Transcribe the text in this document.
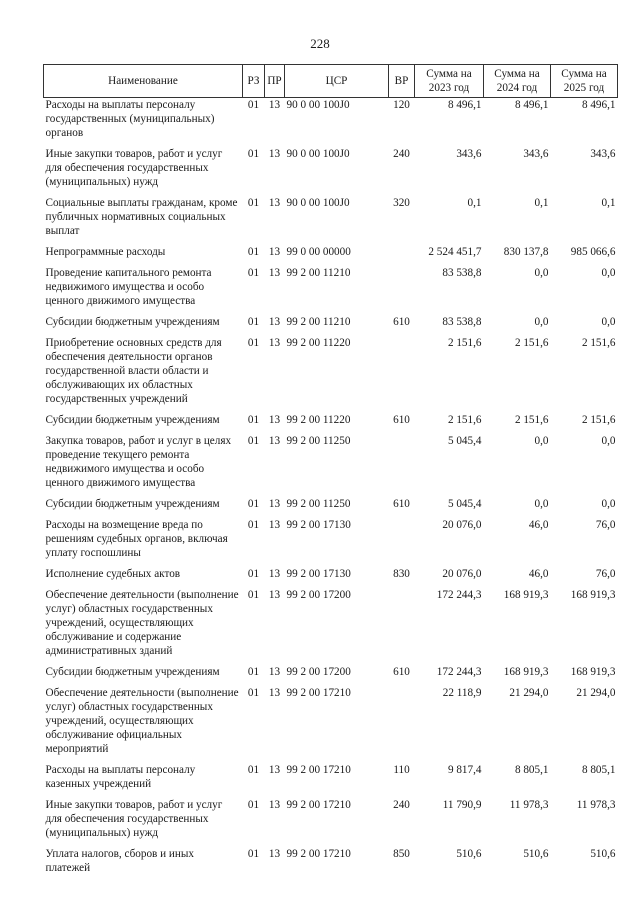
228
Наименование	РЗ	ПР	ЦСР	ВР	Сумма на 2023 год	Сумма на 2024 год	Сумма на 2025 год
Расходы на выплаты персоналу государственных (муниципальных) органов	01	13	90 0 00 100J0	120	8 496,1	8 496,1	8 496,1
Иные закупки товаров, работ и услуг для обеспечения государственных (муниципальных) нужд	01	13	90 0 00 100J0	240	343,6	343,6	343,6
Социальные выплаты гражданам, кроме публичных нормативных социальных выплат	01	13	90 0 00 100J0	320	0,1	0,1	0,1
Непрограммные расходы	01	13	99 0 00 00000		2 524 451,7	830 137,8	985 066,6
Проведение капитального ремонта недвижимого имущества и особо ценного движимого имущества	01	13	99 2 00 11210		83 538,8	0,0	0,0
Субсидии бюджетным учреждениям	01	13	99 2 00 11210	610	83 538,8	0,0	0,0
Приобретение основных средств для обеспечения деятельности органов государственной власти области и обслуживающих их областных государственных учреждений	01	13	99 2 00 11220		2 151,6	2 151,6	2 151,6
Субсидии бюджетным учреждениям	01	13	99 2 00 11220	610	2 151,6	2 151,6	2 151,6
Закупка товаров, работ и услуг в целях проведение текущего ремонта недвижимого имущества и особо ценного движимого имущества	01	13	99 2 00 11250		5 045,4	0,0	0,0
Субсидии бюджетным учреждениям	01	13	99 2 00 11250	610	5 045,4	0,0	0,0
Расходы на возмещение вреда по решениям судебных органов, включая уплату госпошлины	01	13	99 2 00 17130		20 076,0	46,0	76,0
Исполнение судебных актов	01	13	99 2 00 17130	830	20 076,0	46,0	76,0
Обеспечение деятельности (выполнение услуг) областных государственных учреждений, осуществляющих обслуживание и содержание административных зданий	01	13	99 2 00 17200		172 244,3	168 919,3	168 919,3
Субсидии бюджетным учреждениям	01	13	99 2 00 17200	610	172 244,3	168 919,3	168 919,3
Обеспечение деятельности (выполнение услуг) областных государственных учреждений, осуществляющих обслуживание официальных мероприятий	01	13	99 2 00 17210		22 118,9	21 294,0	21 294,0
Расходы на выплаты персоналу казенных учреждений	01	13	99 2 00 17210	110	9 817,4	8 805,1	8 805,1
Иные закупки товаров, работ и услуг для обеспечения государственных (муниципальных) нужд	01	13	99 2 00 17210	240	11 790,9	11 978,3	11 978,3
Уплата налогов, сборов и иных платежей	01	13	99 2 00 17210	850	510,6	510,6	510,6
